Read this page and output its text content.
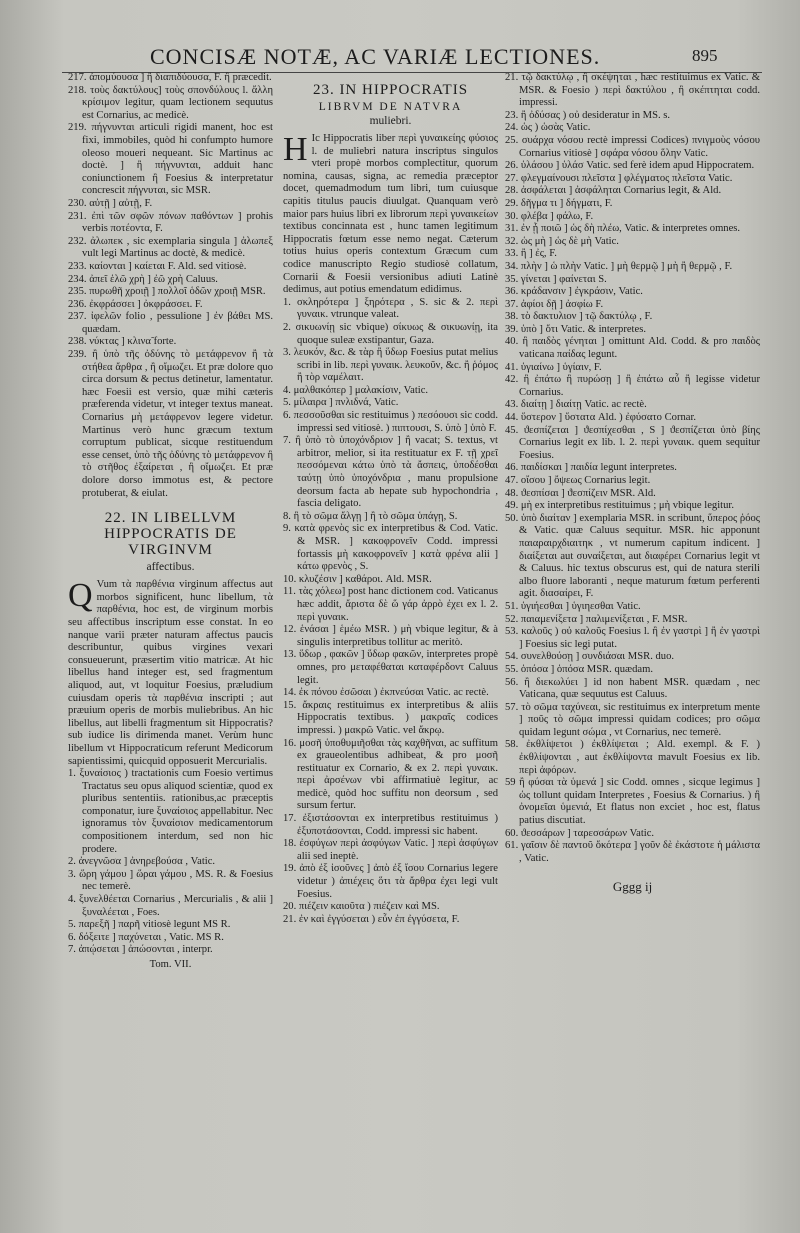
CONCISÆ NOTÆ, AC VARIÆ LECTIONES.	895

217. ἀπομύουσα ] ἢ διαπιδύουσα, F. ἢ præcedit.

218. τοὺς δακτύλους] τοὺς σπονδύλους l. ἄλλη κρίσιμον legitur, quam lectionem sequutus est Cornarius, ac medicè.

219. πήγνυνται articuli rigidi manent, hoc est fixi, immobiles, quòd hi confumpto humore oleoso moueri nequeant. Sic Martinus ac doctè. ] ἢ πήγνυνται, adduit hanc coniunctionem ἢ Foesius & interpretatur concrescit πήγνυται, sic MSR.

230. αὐτῇ ] αὐτῇ, F.

231. ἐπὶ τῶν σφῶν πόνων παθόντων ] prohis verbis ποτέοντα, F.

232. ἀλωπεκ , sic exemplaria singula ] ἀλωπεξ vult legi Martinus ac doctè, & medicè.

233. καίονται ] καίεται F. Ald. sed vitiosè.

234. ἀπεῖ ἑλῶ χρὴ ] ἐῶ χρὴ Caluus.

235. πυρωθῆ χροιῇ ] πολλοῖ ὁδῶν χροιῇ MSR.

236. ἐκφράσσει ] ὀκφράσσει. F.

237. ἰφελῶν folio , pessulione ] ἐν βάθει MS. quædam.

238. νύκτας ] κλινα̃ forte.

239. ἢ ὑπὸ τῆς ὀδύνης τὸ μετάφρενον ἢ τὰ στήθεα ἄρθρα , ἢ οἴμωζει. Et præ dolore quo circa dorsum & pectus detinetur, lamentatur. hæc Foesii est versio, quæ mihi cæteris præferenda videtur, vt integer textus maneat. Cornarius μὴ μετάφρενον legere videtur. Martinus verò hunc græcum textum corruptum publicat, sicque restituendum esse censet, ὑπὸ τῆς ὀδύνης τὸ μετάφρενον ἢ τὸ στῆθος ἐξαίρεται , ἢ οἴμωζει. Et præ dolore dorso immotus est, & pectore protuberat, & eiulat.

22. IN LIBELLVM HIPPOCRATIS DE VIRGINVM
affectibus.

Q Vum τὰ παρθένια virginum affectus aut morbos significent, hunc libellum, τὰ παρθένια, hoc est, de virginum morbis seu affectibus inscriptum esse constat. In eo nanque varii præter naturam affectus paucis describuntur, quibus virgines vexari consueuerunt, præsertim vitio matricæ. At hic libellus hand integer est, sed fragmentum aliquod, aut, vt loquitur Foesius, præludium cuiusdam operis τὰ παρθένια inscripti ; aut præuium operis de morbis muliebribus. An hic libellus, aut libelli fragmentum sit Hippocratis? sub iudice lis dirimenda manet. Verùm hunc libellum vt Hippocraticum referunt Medicorum sapientissimi, quicquid opposuerit Mercurialis.

1. ξυναίσιος ) tractationis cum Foesio vertimus Tractatus seu opus aliquod scientiæ, quod ex pluribus sententiis. rationibus,ac præceptis componatur, iure ξυναίσιος appellabitur. Nec ignoramus τὸν ξυναίσιον medicamentorum compositionem interdum, sed non hic prodere.

2. ἀνεγνῶσα ] ἀνηρεβούσα , Vatic.

3. ὥρη γάμου ] ὥραι γάμου , MS. R. & Foesius nec temerè.

4. ξυνελθέεται Cornarius , Mercurialis , & alii ] ξυναλέεται , Foes.

5. παρεξῆ ] παρῆ vitiosè legunt MS R.

6. δόξειτε ] παχύνεται , Vatic. MS R.

7. ἀπῴσεται ] ἀπώσονται , interpr.

Tom. VII.
23. IN HIPPOCRATIS
LIBRVM DE NATVRA
muliebri.

H Ic Hippocratis liber περὶ γυναικείης φύσιος l. de muliebri natura inscriptus singulos vteri propè morbos complectitur, quorum nomina, causas, signa, ac remedia præceptor docet, quemadmodum tum libri, tum cuiusque capitis titulus paucis diuulgat. Quanquam verò maior pars huius libri ex librorum περὶ γυναικείων textibus concinnata est , hunc tamen legitimum Hippocratis fœtum esse nemo negat. Cæterum totius huius operis contextum Græcum cum codice manuscripto Regio studiosè collatum, Cornarii & Foesii versionibus adiuti Latinè dedimus, aut potius emendatum edidimus.

1. σκληρότερα ] ξηρότερα , S. sic & 2. περὶ γυναικ. vtrunque valeat.

2. σικυωνίῃ sic vbique) σίκυως & σικυωνίῃ, ita quoque suleæ exstipantur, Gaza.

3. λευκόν, &c. & τὰρ ἢ ὕδωρ Foesius putat melius scribi in lib. περὶ γυναικ. λευκοῦν, &c. ἢ ῥόμος ἢ τὸρ ναμέλαιτ.

4. μαλθακόπερ ] μαλακίσιν, Vatic.

5. μίλαιρα ] πνλιδνά, Vatic.

6. πεσσοῦσθαι sic restituimus ) πεσόουσι sic codd. impressi sed vitiosè. ) πιπτουσι, S. ὑπὸ ] ὑπὸ F.

7. ἢ ὑπὸ τὸ ὑποχόνδριον ] ἢ vacat; S. textus, vt arbitror, melior, si ita restituatur ex F. τῇ χρεῖ πεσσόμεναι κάτω ὑπὸ τὰ ἄσπεις, ὑποδέσθαι ταύτῃ ὑπὸ ὑποχόνδρια , manu propulsione deorsum facta ab hepate sub hypochondria , fascia deligato.

8. ἢ τὸ σῶμα ἄλγῃ ] ἢ τὸ σῶμα ὑπάγῃ, S.

9. κατὰ φρενὸς sic ex interpretibus & Cod. Vatic. & MSR. ] κακοφρονεῖν Codd. impressi fortassis μὴ κακοφρονεῖν ] κατὰ φρένα alii ] κάτω φρενὸς , S.

10. κλυζέσιν ] καθάροι. Ald. MSR.

11. τὰς χόλεω] post hanc dictionem cod. Vaticanus hæc addit, ἄριστα δὲ ὥ γάρ ἀρρὸ ἐχει ex l. 2. περὶ γυναικ.

12. ἑνάσαι ] ἑμέω MSR. ) μὴ vbique legitur, & à singulis interpretibus tollitur ac meritò.

13. ὕδωρ , φακῶν ] ὕδωρ φακῶν, interpretes propè omnes, pro μεταφέθαται καταφέρδοντ Caluus legit.

14. ἐκ πόνου ἐσῶσαι ) ἐκπνεύσαι Vatic. ac rectè.

15. ἄκραις restituimus ex interpretibus & aliis Hippocratis textibus. ) μακραῖς codices impressi. ) μακρῶ Vatic. vel ἄκρῳ.

16. μοσῆ ὑποθυμιῆσθαι τὰς καχθῆναι, ac suffitum ex graueolentibus adhibeat, & pro μοσῆ restituatur ex Cornario, & ex 2. περὶ γυναικ. περὶ ἀρσένων vbi affirmatiuè legitur, ac medicè, quòd hoc suffitu non deorsum , sed sursum fertur.

17. ἐξιστάσονται ex interpretibus restituimus ) ἐξυποτάσονται, Codd. impressi sic habent.

18. ἐσφύγων περὶ ἀσφύγων Vatic. ] περὶ ἀσφύγων alii sed ineptè.

19. ἀπὸ ἐξ ἰσοῦνες ] ἀπὸ ἐξ ἴσου Cornarius legere videtur ) ἀπιέχεις ὅτι τὰ ἄρθρα ἐχει legi vult Foesius.

20. πιέζειν καιοῦτα ) πιέζειν καὶ MS.

21. ἐν καὶ ἐγγύσεται ) εὖν ἐπ ἐγγύσετα, F.

21. τῷ δακτύλῳ , ἢ σκέψηται , hæc restituimus ex Vatic. & MSR. & Foesio ) περὶ δακτύλου , ἢ σκέπτηται codd. impressi.

23. ἢ ὀδύσας ) οὐ desideratur in MS. s.

24. ὡς ) ὡσὰς Vatic.

25. συάρχα νόσου rectè impressi Codices) πνιγμοὺς νόσου Cornarius vitiosè ] σφάρα νόσου ὅλην Vatic.

26. ὑλάσου ] ὑλάσ Vatic. sed ferè idem apud Hippocratem.

27. φλεγμαίνουσι πλεῖστα ] φλέγματος πλεῖστα Vatic.

28. ἀσφάλεται ] ἀσφάληται Cornarius legit, & Ald.

29. δῆγμα τι ] δήγματι, F.

30. φλέβα ] φάλω, F.

31. ἐν ᾗ ποιῶ ] ὡς δὴ πλέω, Vatic. & interpretes omnes.

32. ὡς μὴ ] ὡς δὲ μὴ Vatic.

33. ἢ ] ἐς, F.

34. πλὴν ] ὡ πλὴν Vatic. ] μὴ θερμῷ ] μὴ ἢ θερμῷ , F.

35. γίνεται ] φαίνεται S.

36. κράδανσιν ] ἐγκράσιν, Vatic.

37. ἀφίοι δῇ ] ἀσφίω F.

38. τὸ δακτυλιον ] τῷ δακτύλῳ , F.

39. ὑπὸ ] ὅτι Vatic. & interpretes.

40. ἢ παιδὸς γένηται ] omittunt Ald. Codd. & pro παιδὸς vaticana παίδας legunt.

41. ὑγιαίνω ] ὑγίαιν, F.

42. ἢ ἐπάτω ἢ πυρώσῃ ] ἢ ἐπάτω αὖ ἢ legisse videtur Cornarius.

43. διαίτῃ ] διαίτῃ Vatic. ac rectè.

44. ὕστερον ] ὕστατα Ald. ) ἐφύσατο Cornar.

45. ϑεσπίζεται ] ϑεσπίχεσθαι , S ] ϑεσπίζεται ὑπὸ βίης Cornarius legit ex lib. l. 2. περὶ γυναικ. quem sequitur Foesius.

46. παιδίσκαι ] παιδία legunt interpretes.

47. οἴσου ] ὄψεως Cornarius legit.

48. ϑεσπίσαι ] ϑεσπίζειν MSR. Ald.

49. μὴ ex interpretibus restituimus ; μὴ vbique legitur.

50. ὑπὸ διαίταν ] exemplaria MSR. in scribunt, ὕπερος ῥόος & Vatic. quæ Caluus sequitur. MSR. hic apponunt παιαραιρχδιαιτηκ , vt numerum capitum indicent. ] διαίξεται aut συναίξεται, aut διαφέρει Cornarius legit vt & Caluus. hic textus obscurus est, qui de natura sterili albo fluore laboranti , neque maturum fœtum perferenti agit. διασαίρει, F.

51. ὑγιήεσθαι ] ὑγιηεσθαι Vatic.

52. παιαμενίξετα ] παλιμενίξεται , F. MSR.

53. καλοῦς ) οὐ καλοῦς Foesius l. ἢ ἐν γαστρὶ ] ἢ ἐν γαστρὶ ] Foesius sic legi putat.

54. συνελθούσῃ ] συνδιάσαι MSR. duo.

55. ὁπόσα ] ὁπόσα MSR. quædam.

56. ἢ διεκωλύει ] id non habent MSR. quædam , nec Vaticana, quæ sequutus est Caluus.

57. τὸ σῶμα ταχύνεαι, sic restituimus ex interpretum mente ] ποῦς τὸ σῶμα impressi quidam codices; pro σῶμα quidam legunt σώμα , vt Cornarius, nec temerè.

58. ἐκθλίψετοι ) ἐκθλίψεται ; Ald. exempl. & F. ) ἐκθλίψονται , aut ἐκθλίψοντα mavult Foesius ex lib. περὶ ἀφόρων.

59 ἢ φύσαι τὰ ὑμενά ] sic Codd. omnes , sicque legimus ] ὡς tollunt quidam Interpretes , Foesius & Cornarius. ) ἢ ὀνομεῖαι ὑμενιά, Et flatus non exciet , hoc est, flatus patius discutiat.

60. ϑεσσάρων ] ταρεσσάρων Vatic.

61. γαῖσιν δὲ παντοῦ ὅκότερα ] γοῦν δὲ ἐκάστοτε ἡ μάλιστα , Vatic.

Gggg ij
